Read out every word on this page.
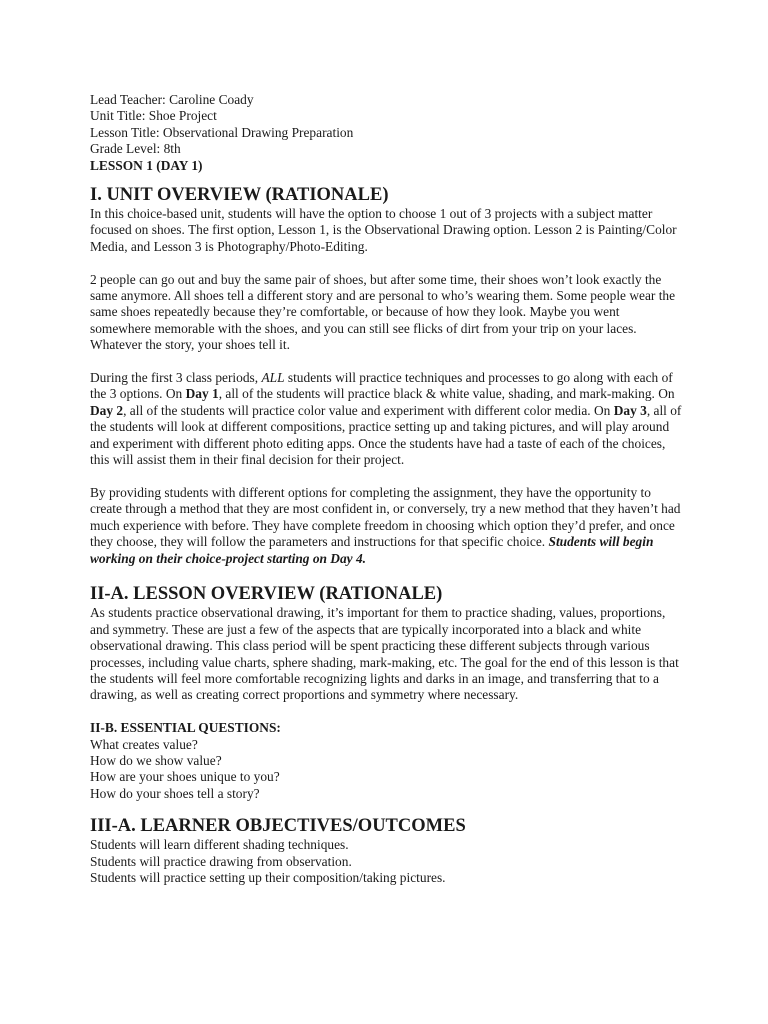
Lead Teacher: Caroline Coady
Unit Title: Shoe Project
Lesson Title: Observational Drawing Preparation
Grade Level: 8th
LESSON 1 (DAY 1)
I. UNIT OVERVIEW (RATIONALE)

In this choice-based unit, students will have the option to choose 1 out of 3 projects with a subject matter focused on shoes. The first option, Lesson 1, is the Observational Drawing option. Lesson 2 is Painting/Color Media, and Lesson 3 is Photography/Photo-Editing.

2 people can go out and buy the same pair of shoes, but after some time, their shoes won’t look exactly the same anymore. All shoes tell a different story and are personal to who’s wearing them. Some people wear the same shoes repeatedly because they’re comfortable, or because of how they look. Maybe you went somewhere memorable with the shoes, and you can still see flicks of dirt from your trip on your laces. Whatever the story, your shoes tell it.

During the first 3 class periods, ALL students will practice techniques and processes to go along with each of the 3 options. On Day 1, all of the students will practice black & white value, shading, and mark-making. On Day 2, all of the students will practice color value and experiment with different color media. On Day 3, all of the students will look at different compositions, practice setting up and taking pictures, and will play around and experiment with different photo editing apps. Once the students have had a taste of each of the choices, this will assist them in their final decision for their project.

By providing students with different options for completing the assignment, they have the opportunity to create through a method that they are most confident in, or conversely, try a new method that they haven’t had much experience with before. They have complete freedom in choosing which option they’d prefer, and once they choose, they will follow the parameters and instructions for that specific choice. Students will begin working on their choice-project starting on Day 4.

II-A. LESSON OVERVIEW (RATIONALE)

As students practice observational drawing, it’s important for them to practice shading, values, proportions, and symmetry. These are just a few of the aspects that are typically incorporated into a black and white observational drawing. This class period will be spent practicing these different subjects through various processes, including value charts, sphere shading, mark-making, etc. The goal for the end of this lesson is that the students will feel more comfortable recognizing lights and darks in an image, and transferring that to a drawing, as well as creating correct proportions and symmetry where necessary.

II-B. ESSENTIAL QUESTIONS:
What creates value?
How do we show value?
How are your shoes unique to you?
How do your shoes tell a story?
III-A. LEARNER OBJECTIVES/OUTCOMES
Students will learn different shading techniques.
Students will practice drawing from observation.
Students will practice setting up their composition/taking pictures.
